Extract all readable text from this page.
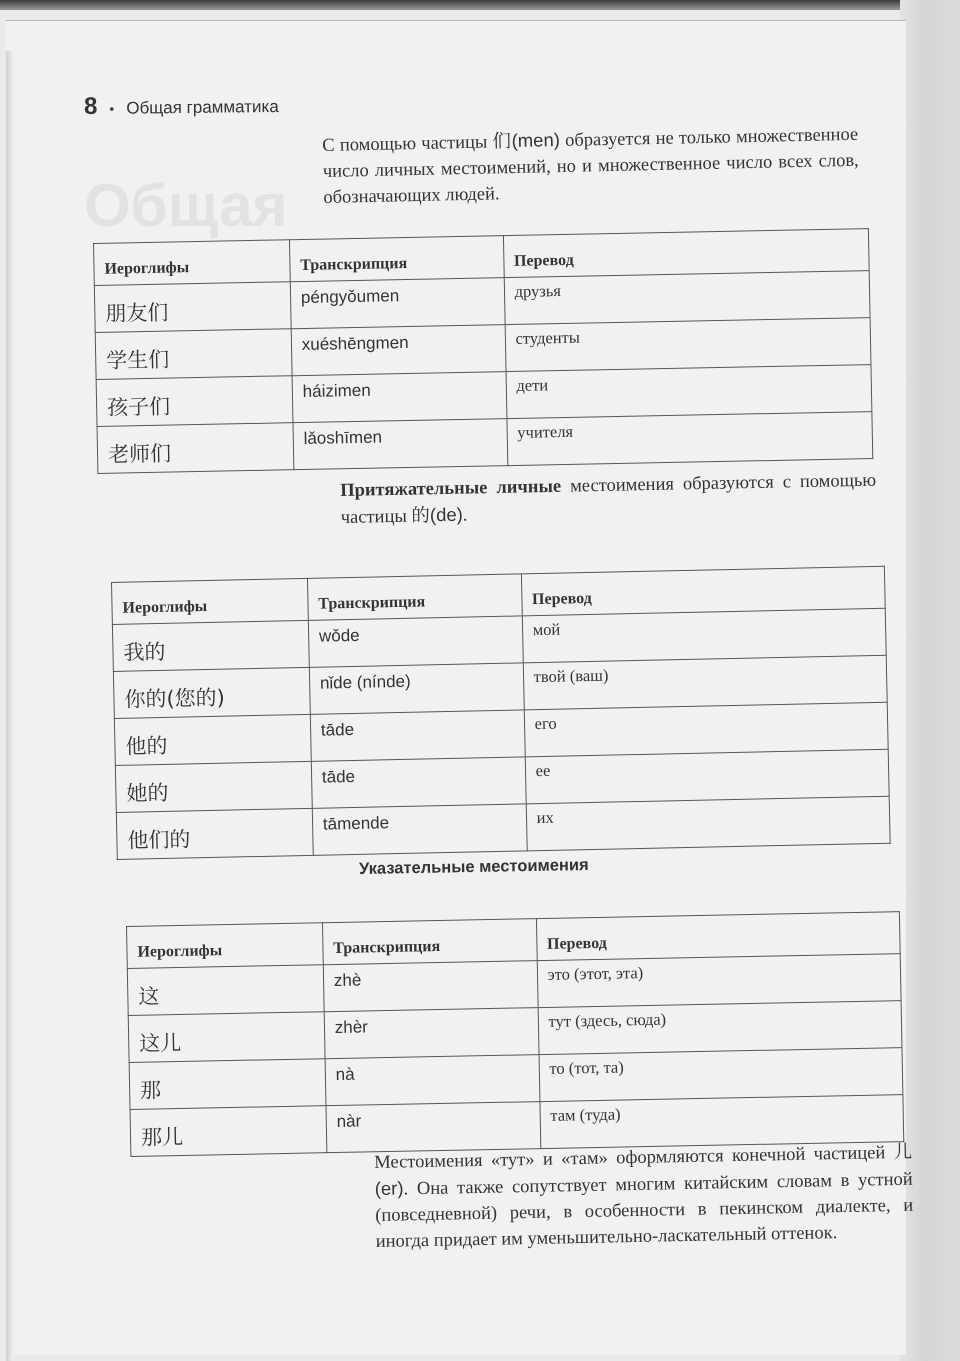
Общая
8 • Общая грамматика

С помощью частицы 们(men) образуется не только множественное число личных местоимений, но и множественное число всех слов, обозначающих людей.

Иероглифы	Транскрипция	Перевод
朋友们	péngyǒumen	друзья
学生们	xuéshēngmen	студенты
孩子们	háizimen	дети
老师们	lǎoshīmen	учителя

Притяжательные личные местоимения образуются с помощью частицы 的(de).

Иероглифы	Транскрипция	Перевод
我的	wǒde	мой
你的(您的)	nǐde (nínde)	твой (ваш)
他的	tāde	его
她的	tāde	ее
他们的	tāmende	их
Указательные местоимения
Иероглифы	Транскрипция	Перевод
这	zhè	это (этот, эта)
这儿	zhèr	тут (здесь, сюда)
那	nà	то (тот, та)
那儿	nàr	там (туда)

Местоимения «тут» и «там» оформляются конечной частицей 儿(er). Она также сопутствует многим китайским словам в устной (повседневной) речи, в особенности в пекинском диалекте, и иногда придает им уменьшительно-ласкательный оттенок.
